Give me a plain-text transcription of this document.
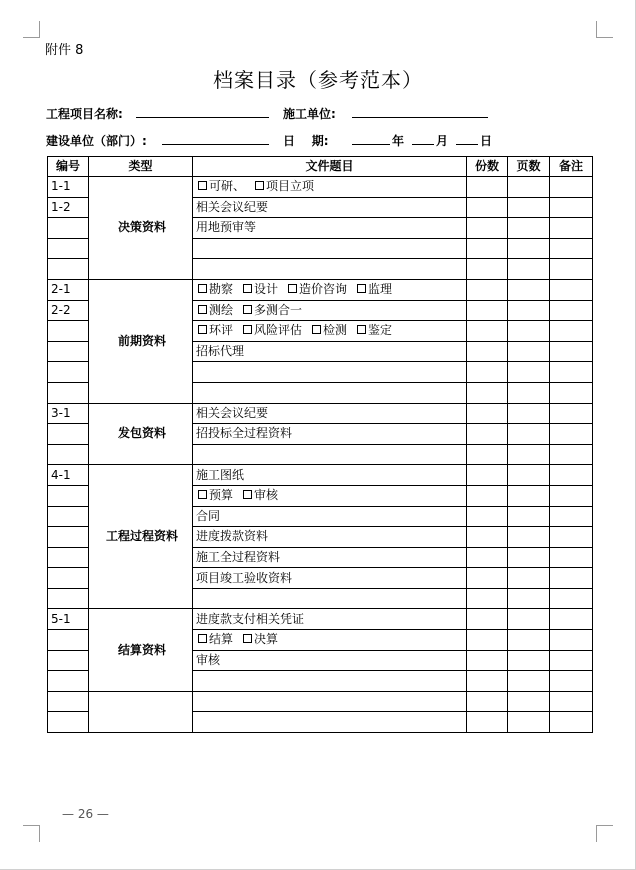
附件 8
档案目录（参考范本）
工程项目名称:	施工单位:
建设单位（部门）:	日    期:	年	月	日
编号	类型	文件题目	份数	页数	备注
1-1	决策资料	可研、 项目立项			
1-2		相关会议纪要			
		用地预审等			

2-1	前期资料	勘察 设计 造价咨询 监理			
2-2		测绘 多测合一			
		环评 风险评估 检测 鉴定			
		招标代理			

3-1	发包资料	相关会议纪要			
		招投标全过程资料			

4-1	工程过程资料	施工图纸			
		预算 审核			
		合同			
		进度拨款资料			
		施工全过程资料			
		项目竣工验收资料			

5-1	结算资料	进度款支付相关凭证			
		结算 决算			
		审核			

— 26 —
